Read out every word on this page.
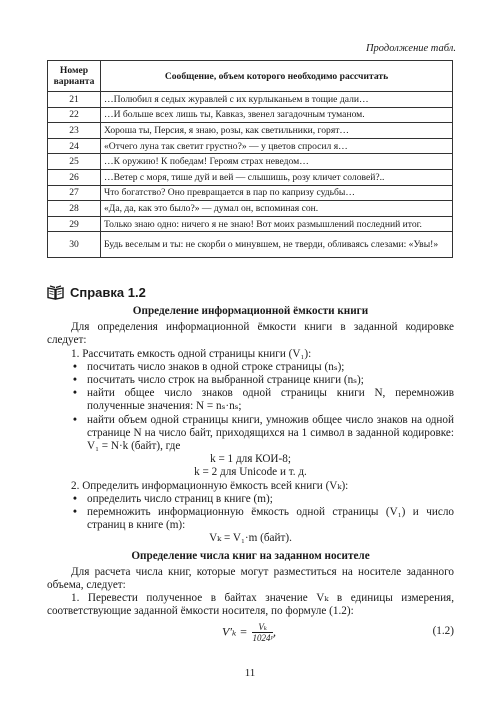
Продолжение табл.
Номер варианта	Сообщение, объем которого необходимо рассчитать
21	…Полюбил я седых журавлей с их курлыканьем в тощие дали…
22	…И больше всех лишь ты, Кавказ, звенел загадочным туманом.
23	Хороша ты, Персия, я знаю, розы, как светильники, горят…
24	«Отчего луна так светит грустно?» — у цветов спросил я…
25	…К оружию! К победам! Героям страх неведом…
26	…Ветер с моря, тише дуй и вей — слышишь, розу кличет соловей?..
27	Что богатство? Оно превращается в пар по капризу судьбы…
28	«Да, да, как это было?» — думал он, вспоминая сон.
29	Только знаю одно: ничего я не знаю! Вот моих размышлений последний итог.
30	Будь веселым и ты: не скорби о минувшем, не тверди, обливаясь слезами: «Увы!»
Справка 1.2

Определение информационной ёмкости книги

Для определения информационной ёмкости книги в заданной кодировке следует:

1. Рассчитать емкость одной страницы книги (V₁):

• посчитать число знаков в одной строке страницы (nₛ);
• посчитать число строк на выбранной странице книги (nₛ);
• найти общее число знаков одной страницы книги N, перемножив полученные значения: N = nₛ·nₛ;
• найти объем одной страницы книги, умножив общее число знаков на одной странице N на число байт, приходящихся на 1 символ в заданной кодировке: V₁ = N·k (байт), где

k = 1 для КОИ-8;

k = 2 для Unicode и т. д.

2. Определить информационную ёмкость всей книги (Vₖ):

• определить число страниц в книге (m);
• перемножить информационную ёмкость одной страницы (V₁) и число страниц в книге (m):

Vₖ = V₁·m (байт).

Определение числа книг на заданном носителе

Для расчета числа книг, которые могут разместиться на носителе заданного объема, следует:

1. Перевести полученное в байтах значение Vₖ в единицы измерения, соответствующие заданной ёмкости носителя, по формуле (1.2):

$V'_k = \frac{\text{Vₖ}}{\text{1024ᵖ}}$ ,	(1.2)
11
